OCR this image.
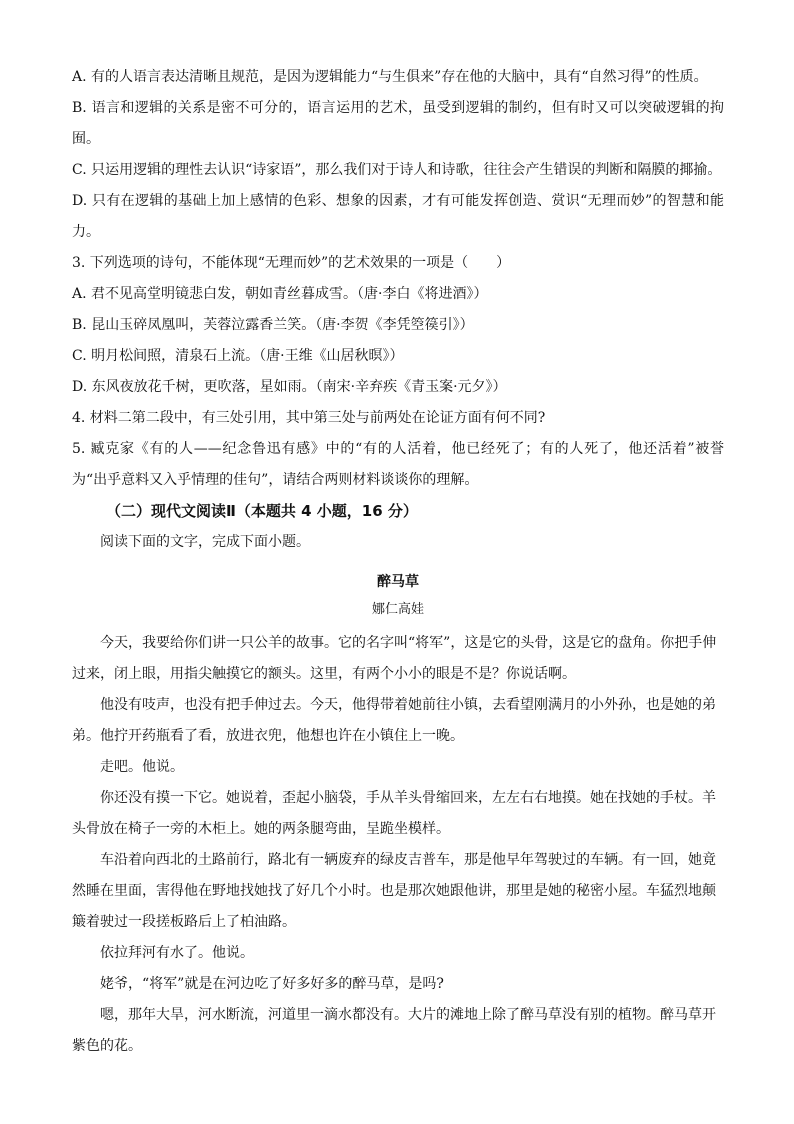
A. 有的人语言表达清晰且规范，是因为逻辑能力“与生俱来”存在他的大脑中，具有“自然习得”的性质。

B. 语言和逻辑的关系是密不可分的，语言运用的艺术，虽受到逻辑的制约，但有时又可以突破逻辑的拘囿。

C. 只运用逻辑的理性去认识“诗家语”，那么我们对于诗人和诗歌，往往会产生错误的判断和隔膜的揶揄。

D. 只有在逻辑的基础上加上感情的色彩、想象的因素，才有可能发挥创造、赏识“无理而妙”的智慧和能力。

3. 下列选项的诗句，不能体现“无理而妙”的艺术效果的一项是（ ）

A. 君不见高堂明镜悲白发，朝如青丝暮成雪。（唐·李白《将进酒》）

B. 昆山玉碎凤凰叫，芙蓉泣露香兰笑。（唐·李贺《李凭箜篌引》）

C. 明月松间照，清泉石上流。（唐·王维《山居秋暝》）

D. 东风夜放花千树，更吹落，星如雨。（南宋·辛弃疾《青玉案·元夕》）

4. 材料二第二段中，有三处引用，其中第三处与前两处在论证方面有何不同?

5. 臧克家《有的人——纪念鲁迅有感》中的“有的人活着，他已经死了；有的人死了，他还活着”被誉为“出乎意料又入乎情理的佳句”，请结合两则材料谈谈你的理解。

（二）现代文阅读Ⅱ（本题共 4 小题，16 分）

阅读下面的文字，完成下面小题。

醉马草

娜仁高娃

今天，我要给你们讲一只公羊的故事。它的名字叫“将军”，这是它的头骨，这是它的盘角。你把手伸过来，闭上眼，用指尖触摸它的额头。这里，有两个小小的眼是不是？你说话啊。

他没有吱声，也没有把手伸过去。今天，他得带着她前往小镇，去看望刚满月的小外孙，也是她的弟弟。他拧开药瓶看了看，放进衣兜，他想也许在小镇住上一晚。

走吧。他说。

你还没有摸一下它。她说着，歪起小脑袋，手从羊头骨缩回来，左左右右地摸。她在找她的手杖。羊头骨放在椅子一旁的木柜上。她的两条腿弯曲，呈跪坐模样。

车沿着向西北的土路前行，路北有一辆废弃的绿皮吉普车，那是他早年驾驶过的车辆。有一回，她竟然睡在里面，害得他在野地找她找了好几个小时。也是那次她跟他讲，那里是她的秘密小屋。车猛烈地颠簸着驶过一段搓板路后上了柏油路。

依拉拜河有水了。他说。

姥爷，“将军”就是在河边吃了好多好多的醉马草，是吗?

嗯，那年大旱，河水断流，河道里一滴水都没有。大片的滩地上除了醉马草没有别的植物。醉马草开紫色的花。
